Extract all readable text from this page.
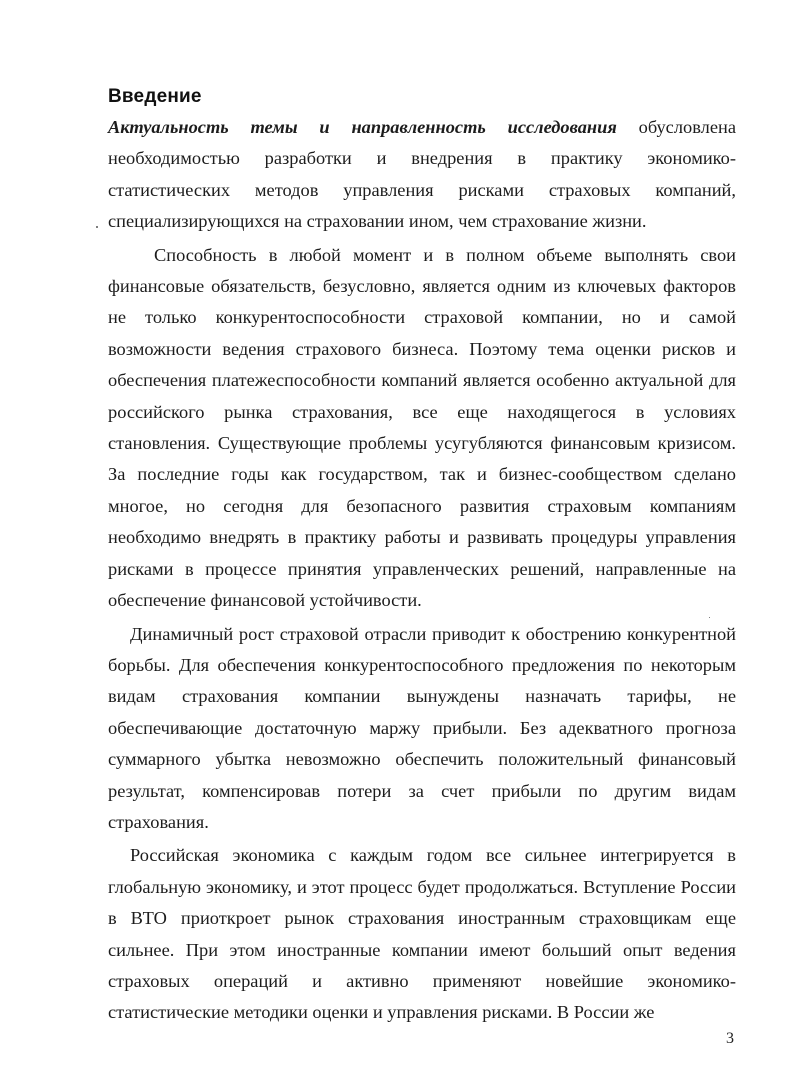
Введение

Актуальность темы и направленность исследования обусловлена необходимостью разработки и внедрения в практику экономико-статистических методов управления рисками страховых компаний, специализирующихся на страховании ином, чем страхование жизни.

Способность в любой момент и в полном объеме выполнять свои финансовые обязательств, безусловно, является одним из ключевых факторов не только конкурентоспособности страховой компании, но и самой возможности ведения страхового бизнеса. Поэтому тема оценки рисков и обеспечения платежеспособности компаний является особенно актуальной для российского рынка страхования, все еще находящегося в условиях становления. Существующие проблемы усугубляются финансовым кризисом. За последние годы как государством, так и бизнес-сообществом сделано многое, но сегодня для безопасного развития страховым компаниям необходимо внедрять в практику работы и развивать процедуры управления рисками в процессе принятия управленческих решений, направленные на обеспечение финансовой устойчивости.

Динамичный рост страховой отрасли приводит к обострению конкурентной борьбы. Для обеспечения конкурентоспособного предложения по некоторым видам страхования компании вынуждены назначать тарифы, не обеспечивающие достаточную маржу прибыли. Без адекватного прогноза суммарного убытка невозможно обеспечить положительный финансовый результат, компенсировав потери за счет прибыли по другим видам страхования.

Российская экономика с каждым годом все сильнее интегрируется в глобальную экономику, и этот процесс будет продолжаться. Вступление России в ВТО приоткроет рынок страхования иностранным страховщикам еще сильнее. При этом иностранные компании имеют больший опыт ведения страховых операций и активно применяют новейшие экономико-статистические методики оценки и управления рисками. В России же

3
